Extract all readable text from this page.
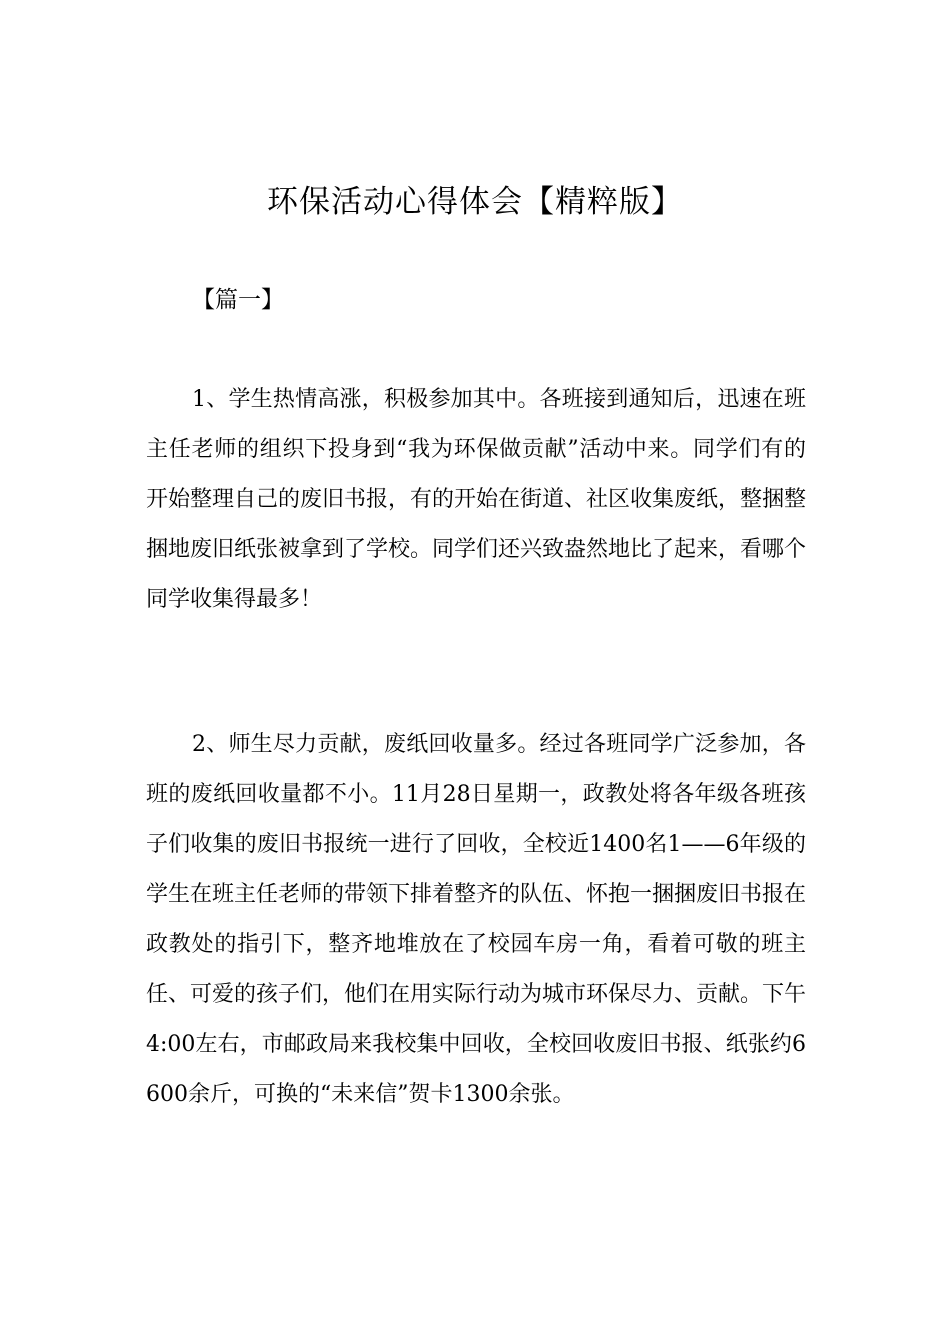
环保活动心得体会【精粹版】

【篇一】

1、学生热情高涨，积极参加其中。各班接到通知后，迅速在班主任老师的组织下投身到“我为环保做贡献”活动中来。同学们有的开始整理自己的废旧书报，有的开始在街道、社区收集废纸，整捆整捆地废旧纸张被拿到了学校。同学们还兴致盎然地比了起来，看哪个同学收集得最多！

2、师生尽力贡献，废纸回收量多。经过各班同学广泛参加，各班的废纸回收量都不小。11月28日星期一，政教处将各年级各班孩子们收集的废旧书报统一进行了回收，全校近1400名1——6年级的学生在班主任老师的带领下排着整齐的队伍、怀抱一捆捆废旧书报在政教处的指引下，整齐地堆放在了校园车房一角，看着可敬的班主任、可爱的孩子们，他们在用实际行动为城市环保尽力、贡献。下午4:00左右，市邮政局来我校集中回收，全校回收废旧书报、纸张约6600余斤，可换的“未来信”贺卡1300余张。
